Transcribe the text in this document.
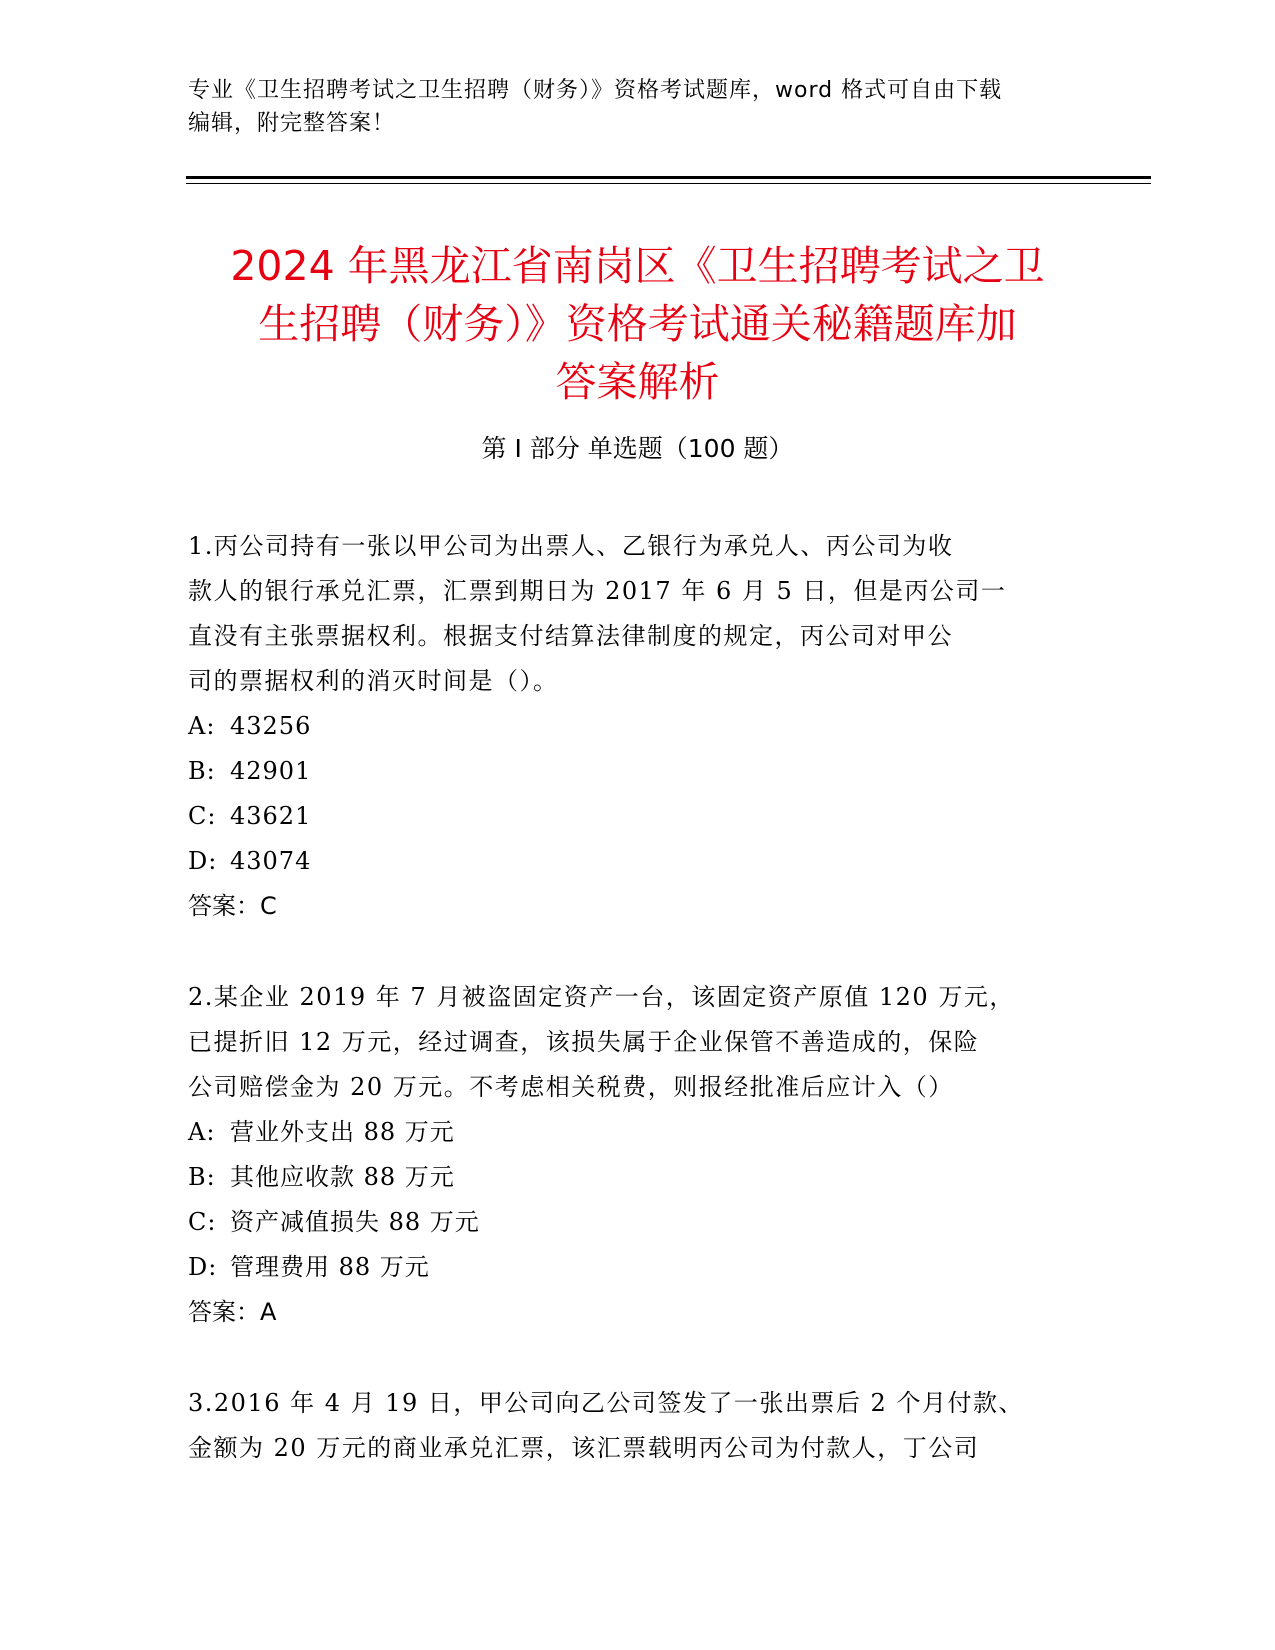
专业《卫生招聘考试之卫生招聘（财务）》资格考试题库，word 格式可自由下载
编辑，附完整答案！
2024 年黑龙江省南岗区《卫生招聘考试之卫
生招聘（财务）》资格考试通关秘籍题库加
答案解析
第 I 部分 单选题（100 题）
1.丙公司持有一张以甲公司为出票人、乙银行为承兑人、丙公司为收
款人的银行承兑汇票，汇票到期日为 2017 年 6 月 5 日，但是丙公司一
直没有主张票据权利。根据支付结算法律制度的规定，丙公司对甲公
司的票据权利的消灭时间是（）。
A: 43256
B: 42901
C: 43621
D: 43074
答案：C
2.某企业 2019 年 7 月被盗固定资产一台，该固定资产原值 120 万元，
已提折旧 12 万元，经过调查，该损失属于企业保管不善造成的，保险
公司赔偿金为 20 万元。不考虑相关税费，则报经批准后应计入（）
A: 营业外支出 88 万元
B: 其他应收款 88 万元
C: 资产减值损失 88 万元
D: 管理费用 88 万元
答案：A
3.2016 年 4 月 19 日，甲公司向乙公司签发了一张出票后 2 个月付款、
金额为 20 万元的商业承兑汇票，该汇票载明丙公司为付款人，丁公司
